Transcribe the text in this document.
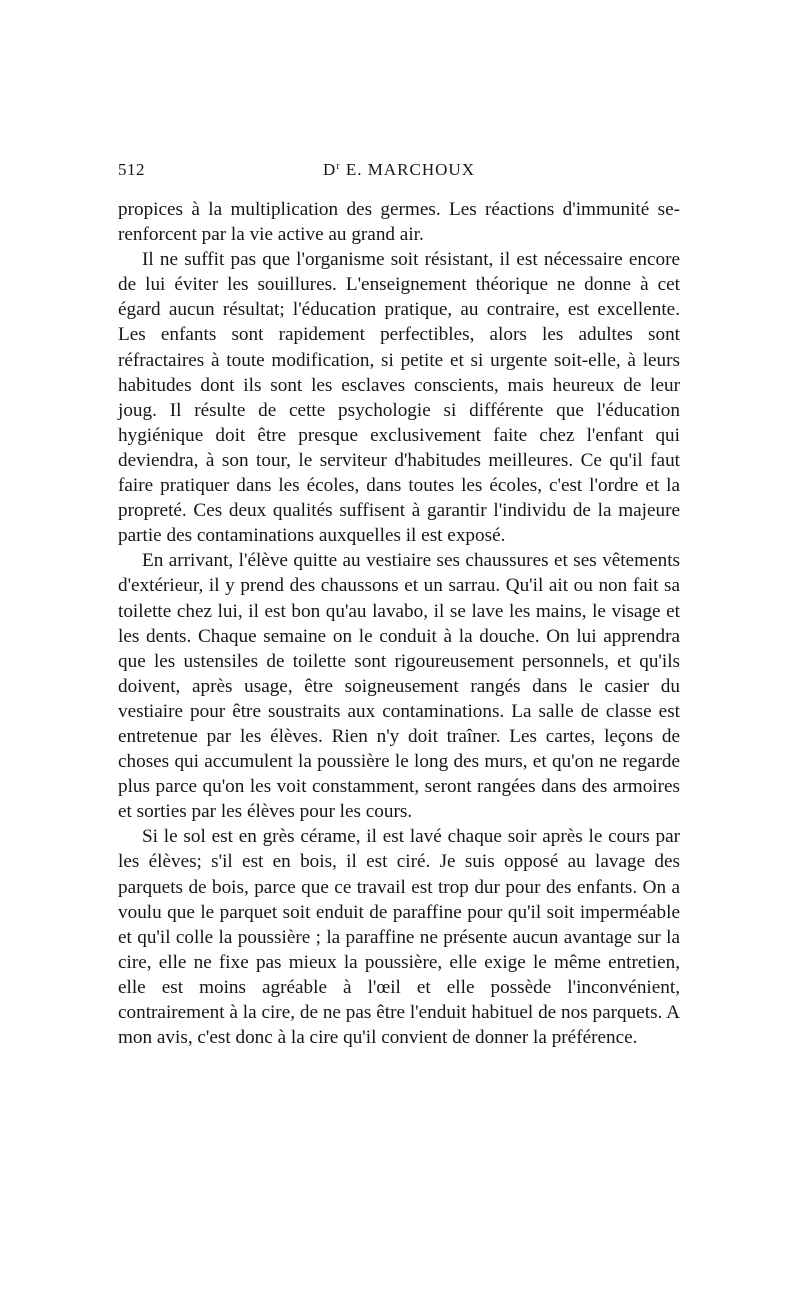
512	$D^r$ E. MARCHOUX

propices à la multiplication des germes. Les réactions d'immunité se-renforcent par la vie active au grand air.

Il ne suffit pas que l'organisme soit résistant, il est nécessaire encore de lui éviter les souillures. L'enseignement théorique ne donne à cet égard aucun résultat; l'éducation pratique, au contraire, est excellente. Les enfants sont rapidement perfectibles, alors les adultes sont réfractaires à toute modification, si petite et si urgente soit-elle, à leurs habitudes dont ils sont les esclaves conscients, mais heureux de leur joug. Il résulte de cette psychologie si différente que l'éducation hygiénique doit être presque exclusivement faite chez l'enfant qui deviendra, à son tour, le serviteur d'habitudes meilleures. Ce qu'il faut faire pratiquer dans les écoles, dans toutes les écoles, c'est l'ordre et la propreté. Ces deux qualités suffisent à garantir l'individu de la majeure partie des contaminations auxquelles il est exposé.

En arrivant, l'élève quitte au vestiaire ses chaussures et ses vêtements d'extérieur, il y prend des chaussons et un sarrau. Qu'il ait ou non fait sa toilette chez lui, il est bon qu'au lavabo, il se lave les mains, le visage et les dents. Chaque semaine on le conduit à la douche. On lui apprendra que les ustensiles de toilette sont rigoureusement personnels, et qu'ils doivent, après usage, être soigneusement rangés dans le casier du vestiaire pour être soustraits aux contaminations. La salle de classe est entretenue par les élèves. Rien n'y doit traîner. Les cartes, leçons de choses qui accumulent la poussière le long des murs, et qu'on ne regarde plus parce qu'on les voit constamment, seront rangées dans des armoires et sorties par les élèves pour les cours.

Si le sol est en grès cérame, il est lavé chaque soir après le cours par les élèves; s'il est en bois, il est ciré. Je suis opposé au lavage des parquets de bois, parce que ce travail est trop dur pour des enfants. On a voulu que le parquet soit enduit de paraffine pour qu'il soit imperméable et qu'il colle la poussière ; la paraffine ne présente aucun avantage sur la cire, elle ne fixe pas mieux la poussière, elle exige le même entretien, elle est moins agréable à l'œil et elle possède l'inconvénient, contrairement à la cire, de ne pas être l'enduit habituel de nos parquets. A mon avis, c'est donc à la cire qu'il convient de donner la préférence.
